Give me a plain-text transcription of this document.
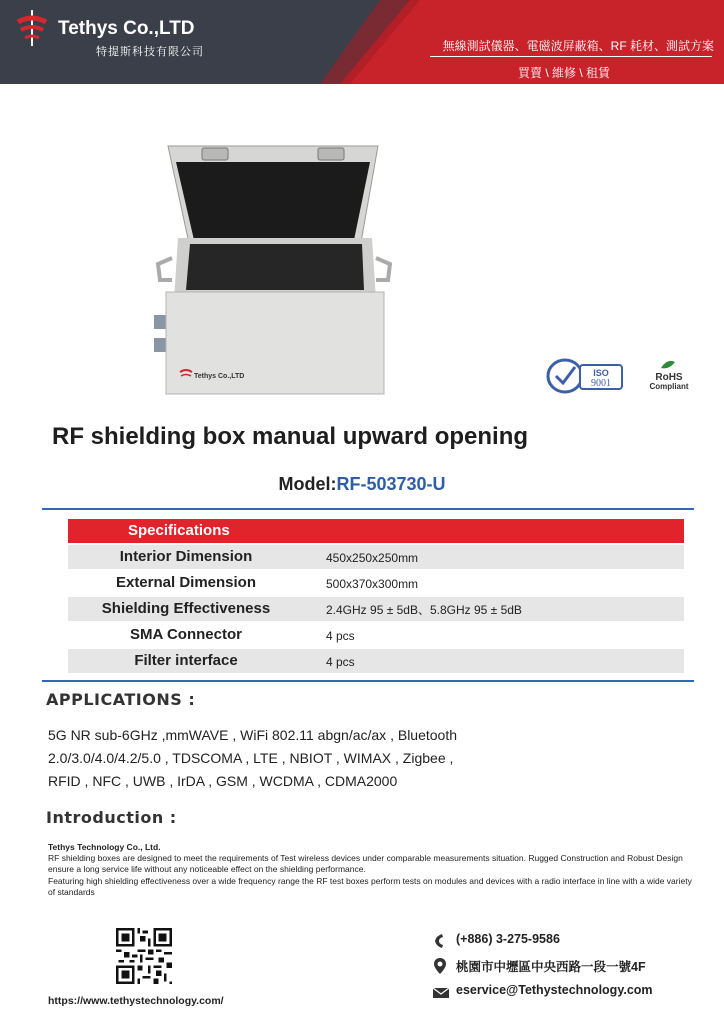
Tethys Co.,LTD
特提斯科技有限公司	無線測試儀器、電磁波屏蔽箱、RF 耗材、測試方案
買賣 \ 維修 \ 租賃
Tethys Co.,LTD	ISO
9001
RoHS
Compliant
RF shielding box manual upward opening
Model:RF-503730-U
Specifications
Interior Dimension	450x250x250mm
External Dimension	500x370x300mm
Shielding Effectiveness	2.4GHz 95 ± 5dB、5.8GHz 95 ± 5dB
SMA Connector	4 pcs
Filter interface	4 pcs
APPLICATIONS :
5G NR sub-6GHz ,mmWAVE , WiFi 802.11 abgn/ac/ax , Bluetooth
2.0/3.0/4.0/4.2/5.0 , TDSCOMA , LTE , NBIOT , WIMAX , Zigbee ,
RFID , NFC , UWB , IrDA , GSM , WCDMA , CDMA2000
Introduction :
Tethys Technology Co., Ltd.
RF shielding boxes are designed to meet the requirements of Test wireless devices under comparable measurements situation. Rugged Construction and Robust Design
ensure a long service life without any noticeable effect on the shielding performance.
Featuring high shielding effectiveness over a wide frequency range the RF test boxes perform tests on modules and devices with a radio interface in line with a wide variety of standards
https://www.tethystechnology.com/
(+886) 3-275-9586
桃園市中壢區中央西路一段一號4F
eservice@Tethystechnology.com
